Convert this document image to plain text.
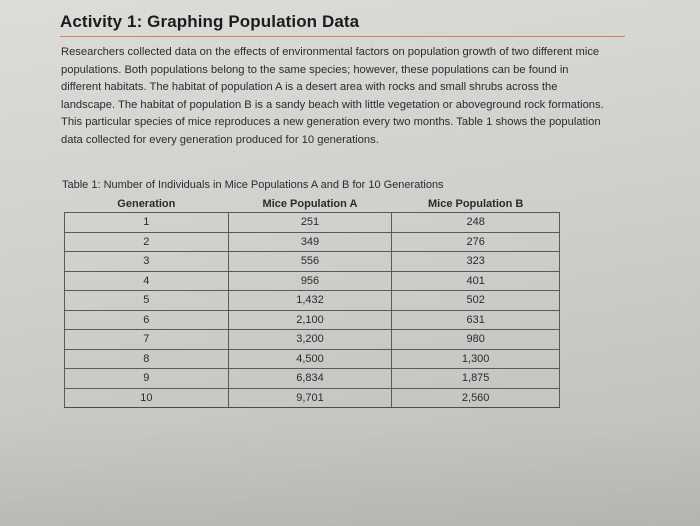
Activity 1: Graphing Population Data
Researchers collected data on the effects of environmental factors on population growth of two different mice populations. Both populations belong to the same species; however, these populations can be found in different habitats. The habitat of population A is a desert area with rocks and small shrubs across the landscape. The habitat of population B is a sandy beach with little vegetation or aboveground rock formations. This particular species of mice reproduces a new generation every two months. Table 1 shows the population data collected for every generation produced for 10 generations.
Table 1: Number of Individuals in Mice Populations A and B for 10 Generations
Generation	Mice Population A	Mice Population B
1	251	248
2	349	276
3	556	323
4	956	401
5	1,432	502
6	2,100	631
7	3,200	980
8	4,500	1,300
9	6,834	1,875
10	9,701	2,560
